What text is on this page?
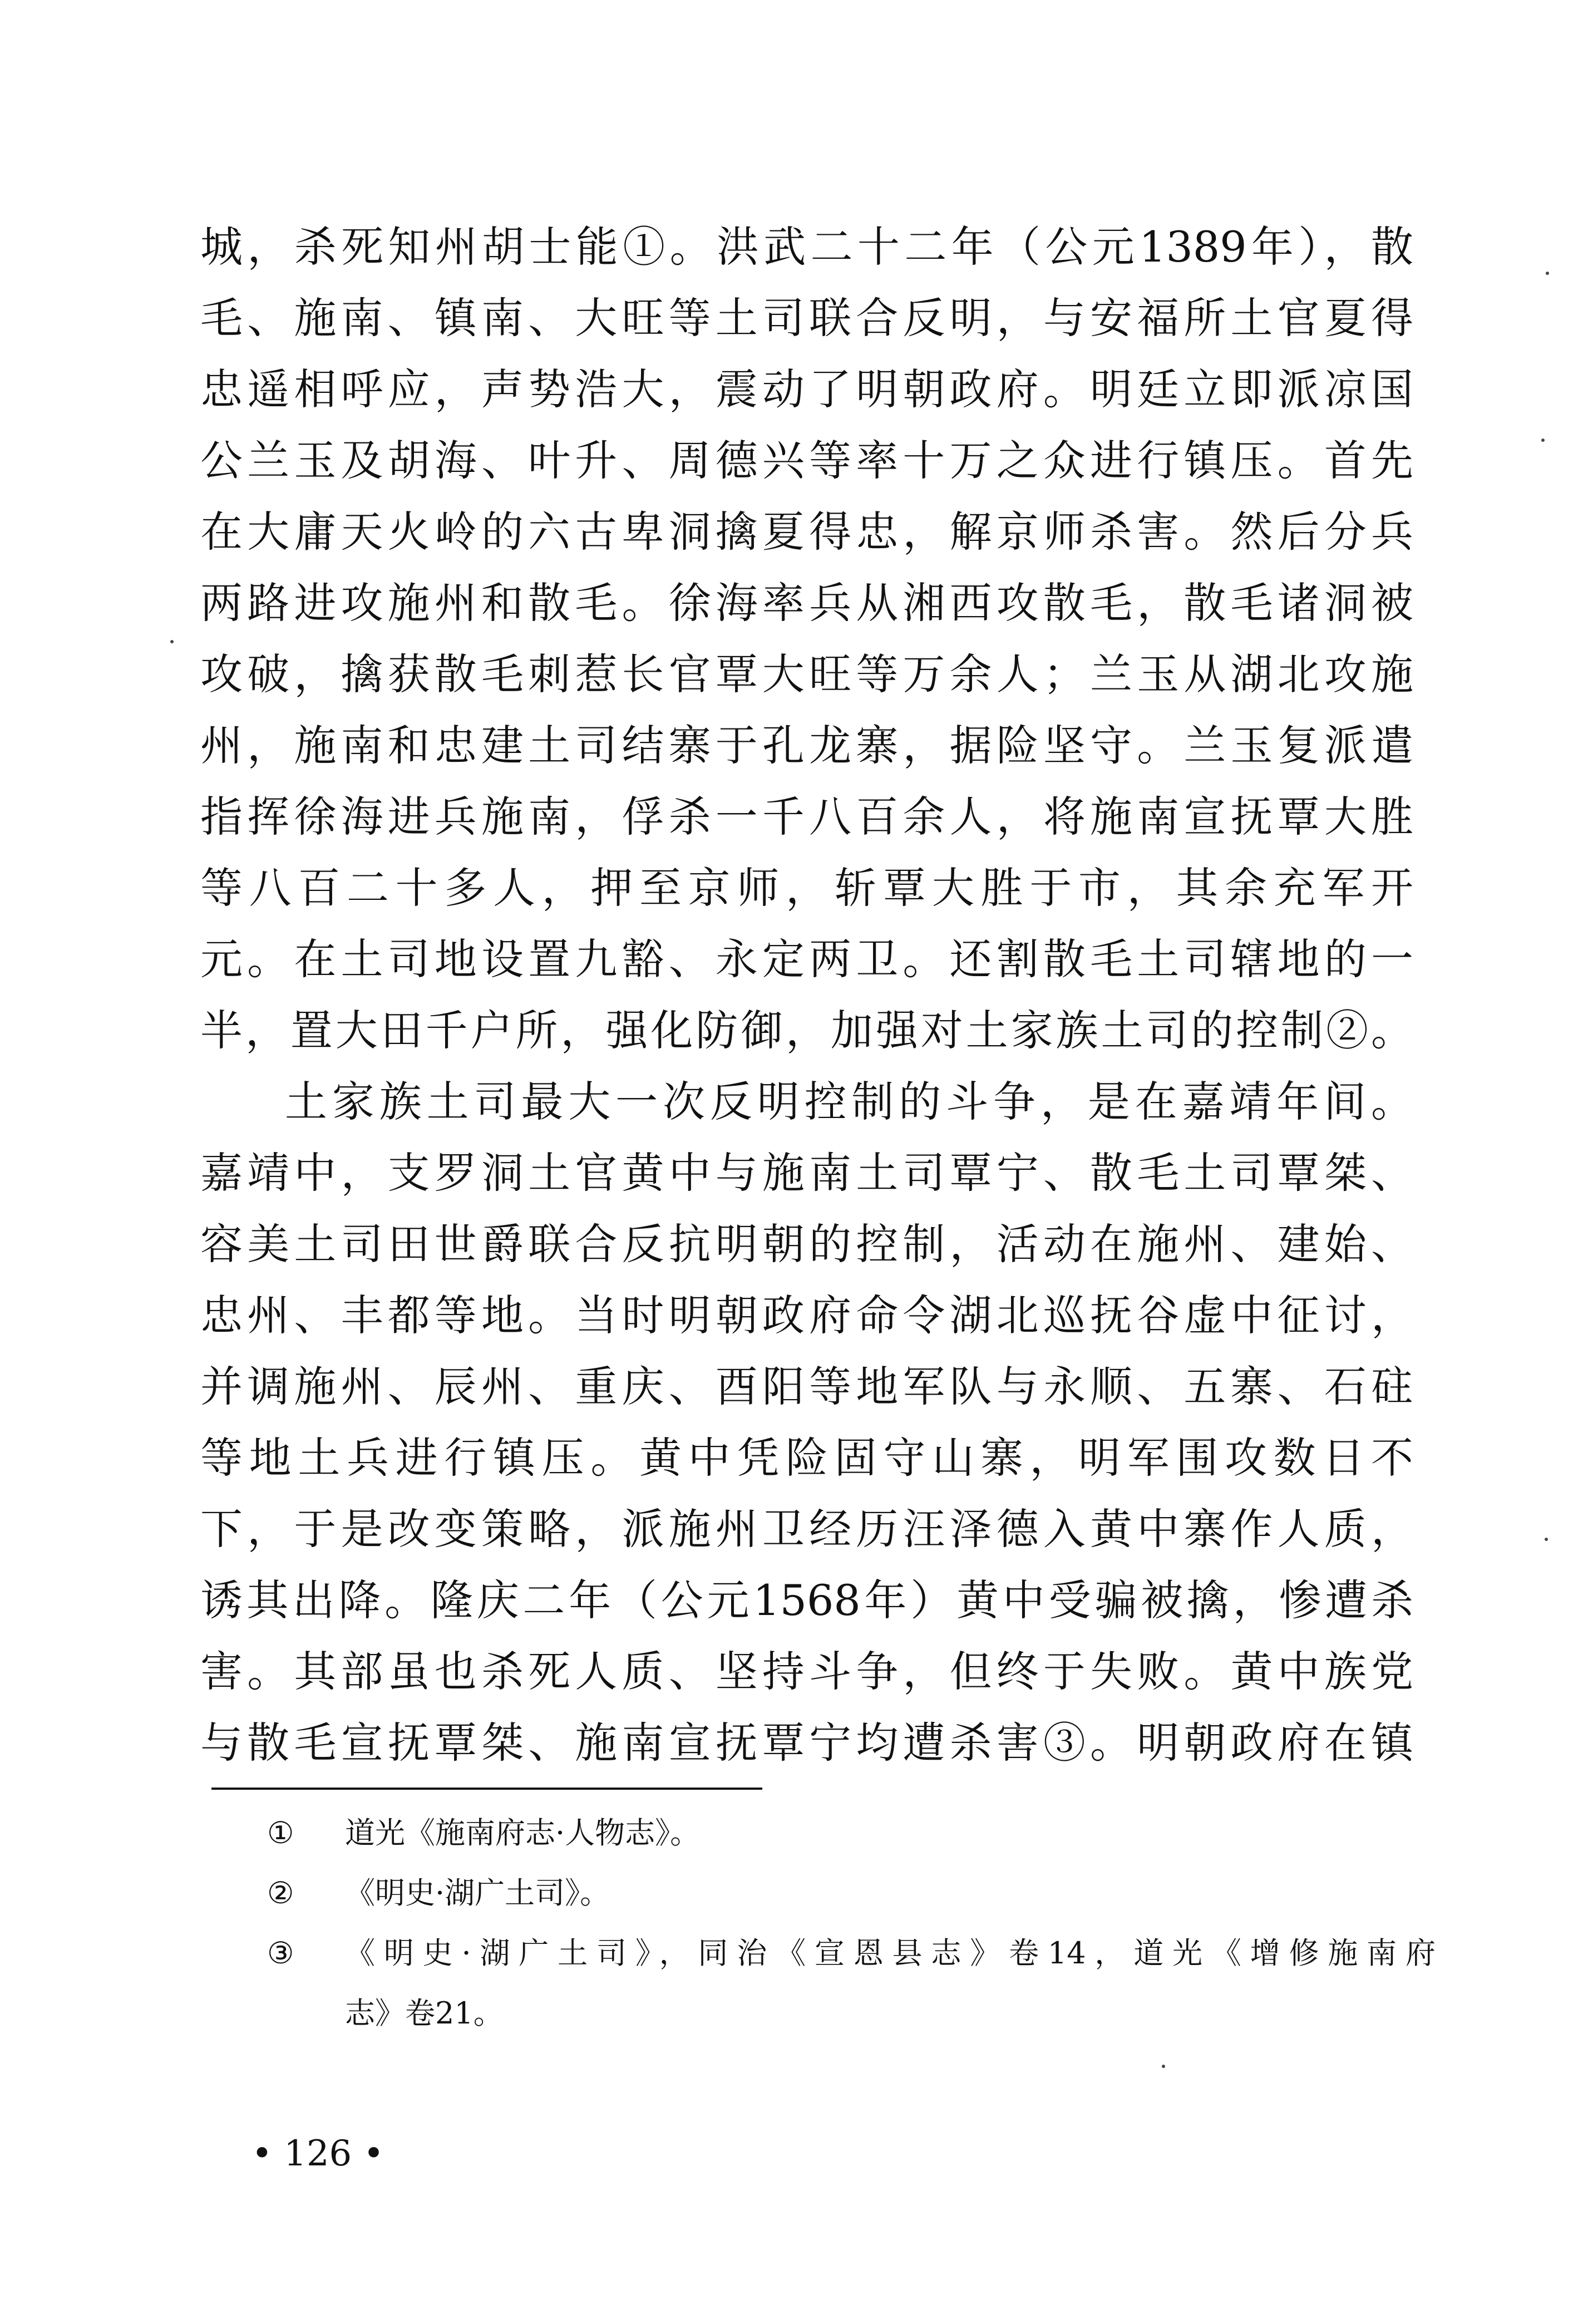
城，杀死知州胡士能①。洪武二十二年（公元1389年），散
毛、施南、镇南、大旺等土司联合反明，与安福所土官夏得
忠遥相呼应，声势浩大，震动了明朝政府。明廷立即派凉国
公兰玉及胡海、叶升、周德兴等率十万之众进行镇压。首先
在大庸天火岭的六古卑洞擒夏得忠，解京师杀害。然后分兵
两路进攻施州和散毛。徐海率兵从湘西攻散毛，散毛诸洞被
攻破，擒获散毛刺惹长官覃大旺等万余人；兰玉从湖北攻施
州，施南和忠建土司结寨于孔龙寨，据险坚守。兰玉复派遣
指挥徐海进兵施南，俘杀一千八百余人，将施南宣抚覃大胜
等八百二十多人，押至京师，斩覃大胜于市，其余充军开
元。在土司地设置九豁、永定两卫。还割散毛土司辖地的一
半，置大田千户所，强化防御，加强对土家族土司的控制②。
土家族土司最大一次反明控制的斗争，是在嘉靖年间。
嘉靖中，支罗洞土官黄中与施南土司覃宁、散毛土司覃桀、
容美土司田世爵联合反抗明朝的控制，活动在施州、建始、
忠州、丰都等地。当时明朝政府命令湖北巡抚谷虚中征讨，
并调施州、辰州、重庆、酉阳等地军队与永顺、五寨、石砫
等地土兵进行镇压。黄中凭险固守山寨，明军围攻数日不
下，于是改变策略，派施州卫经历汪泽德入黄中寨作人质，
诱其出降。隆庆二年（公元1568年）黄中受骗被擒，惨遭杀
害。其部虽也杀死人质、坚持斗争，但终于失败。黄中族党
与散毛宣抚覃桀、施南宣抚覃宁均遭杀害③。明朝政府在镇
①	道光《施南府志·人物志》。
②	《明史·湖广土司》。
③	《明史·湖广土司》，同治《宣恩县志》卷14，道光《增修施南府
志》卷21。
• 126 •
